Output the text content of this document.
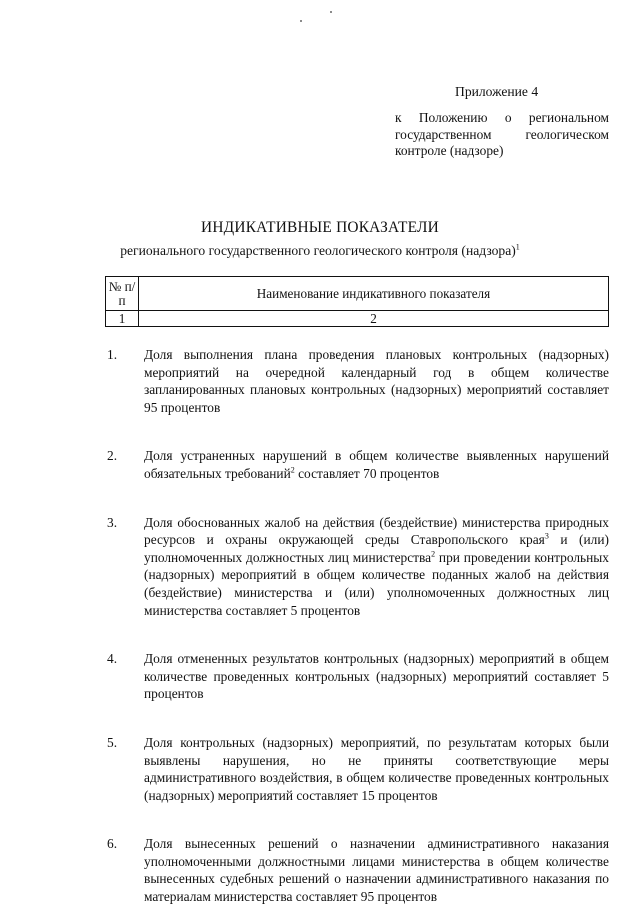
Приложение 4
к Положению о региональном государственном геологическом контроле (надзоре)
ИНДИКАТИВНЫЕ ПОКАЗАТЕЛИ
регионального государственного геологического контроля (надзора)$^1$
№ п/п	Наименование индикативного показателя
1	2
1.	Доля выполнения плана проведения плановых контрольных (надзорных) мероприятий на очередной календарный год в общем количестве запланированных плановых контрольных (надзорных) мероприятий составляет 95 процентов
2.	Доля устраненных нарушений в общем количестве выявленных нарушений обязательных требований$^2$ составляет 70 процентов
3.	Доля обоснованных жалоб на действия (бездействие) министерства природных ресурсов и охраны окружающей среды Ставропольского края$^3$ и (или) уполномоченных должностных лиц министерства$^2$ при проведении контрольных (надзорных) мероприятий в общем количестве поданных жалоб на действия (бездействие) министерства и (или) уполномоченных должностных лиц министерства составляет 5 процентов
4.	Доля отмененных результатов контрольных (надзорных) мероприятий в общем количестве проведенных контрольных (надзорных) мероприятий составляет 5 процентов
5.	Доля контрольных (надзорных) мероприятий, по результатам которых были выявлены нарушения, но не приняты соответствующие меры административного воздействия, в общем количестве проведенных контрольных (надзорных) мероприятий составляет 15 процентов
6.	Доля вынесенных решений о назначении административного наказания уполномоченными должностными лицами министерства в общем количестве вынесенных судебных решений о назначении административного наказания по материалам министерства составляет 95 процентов
